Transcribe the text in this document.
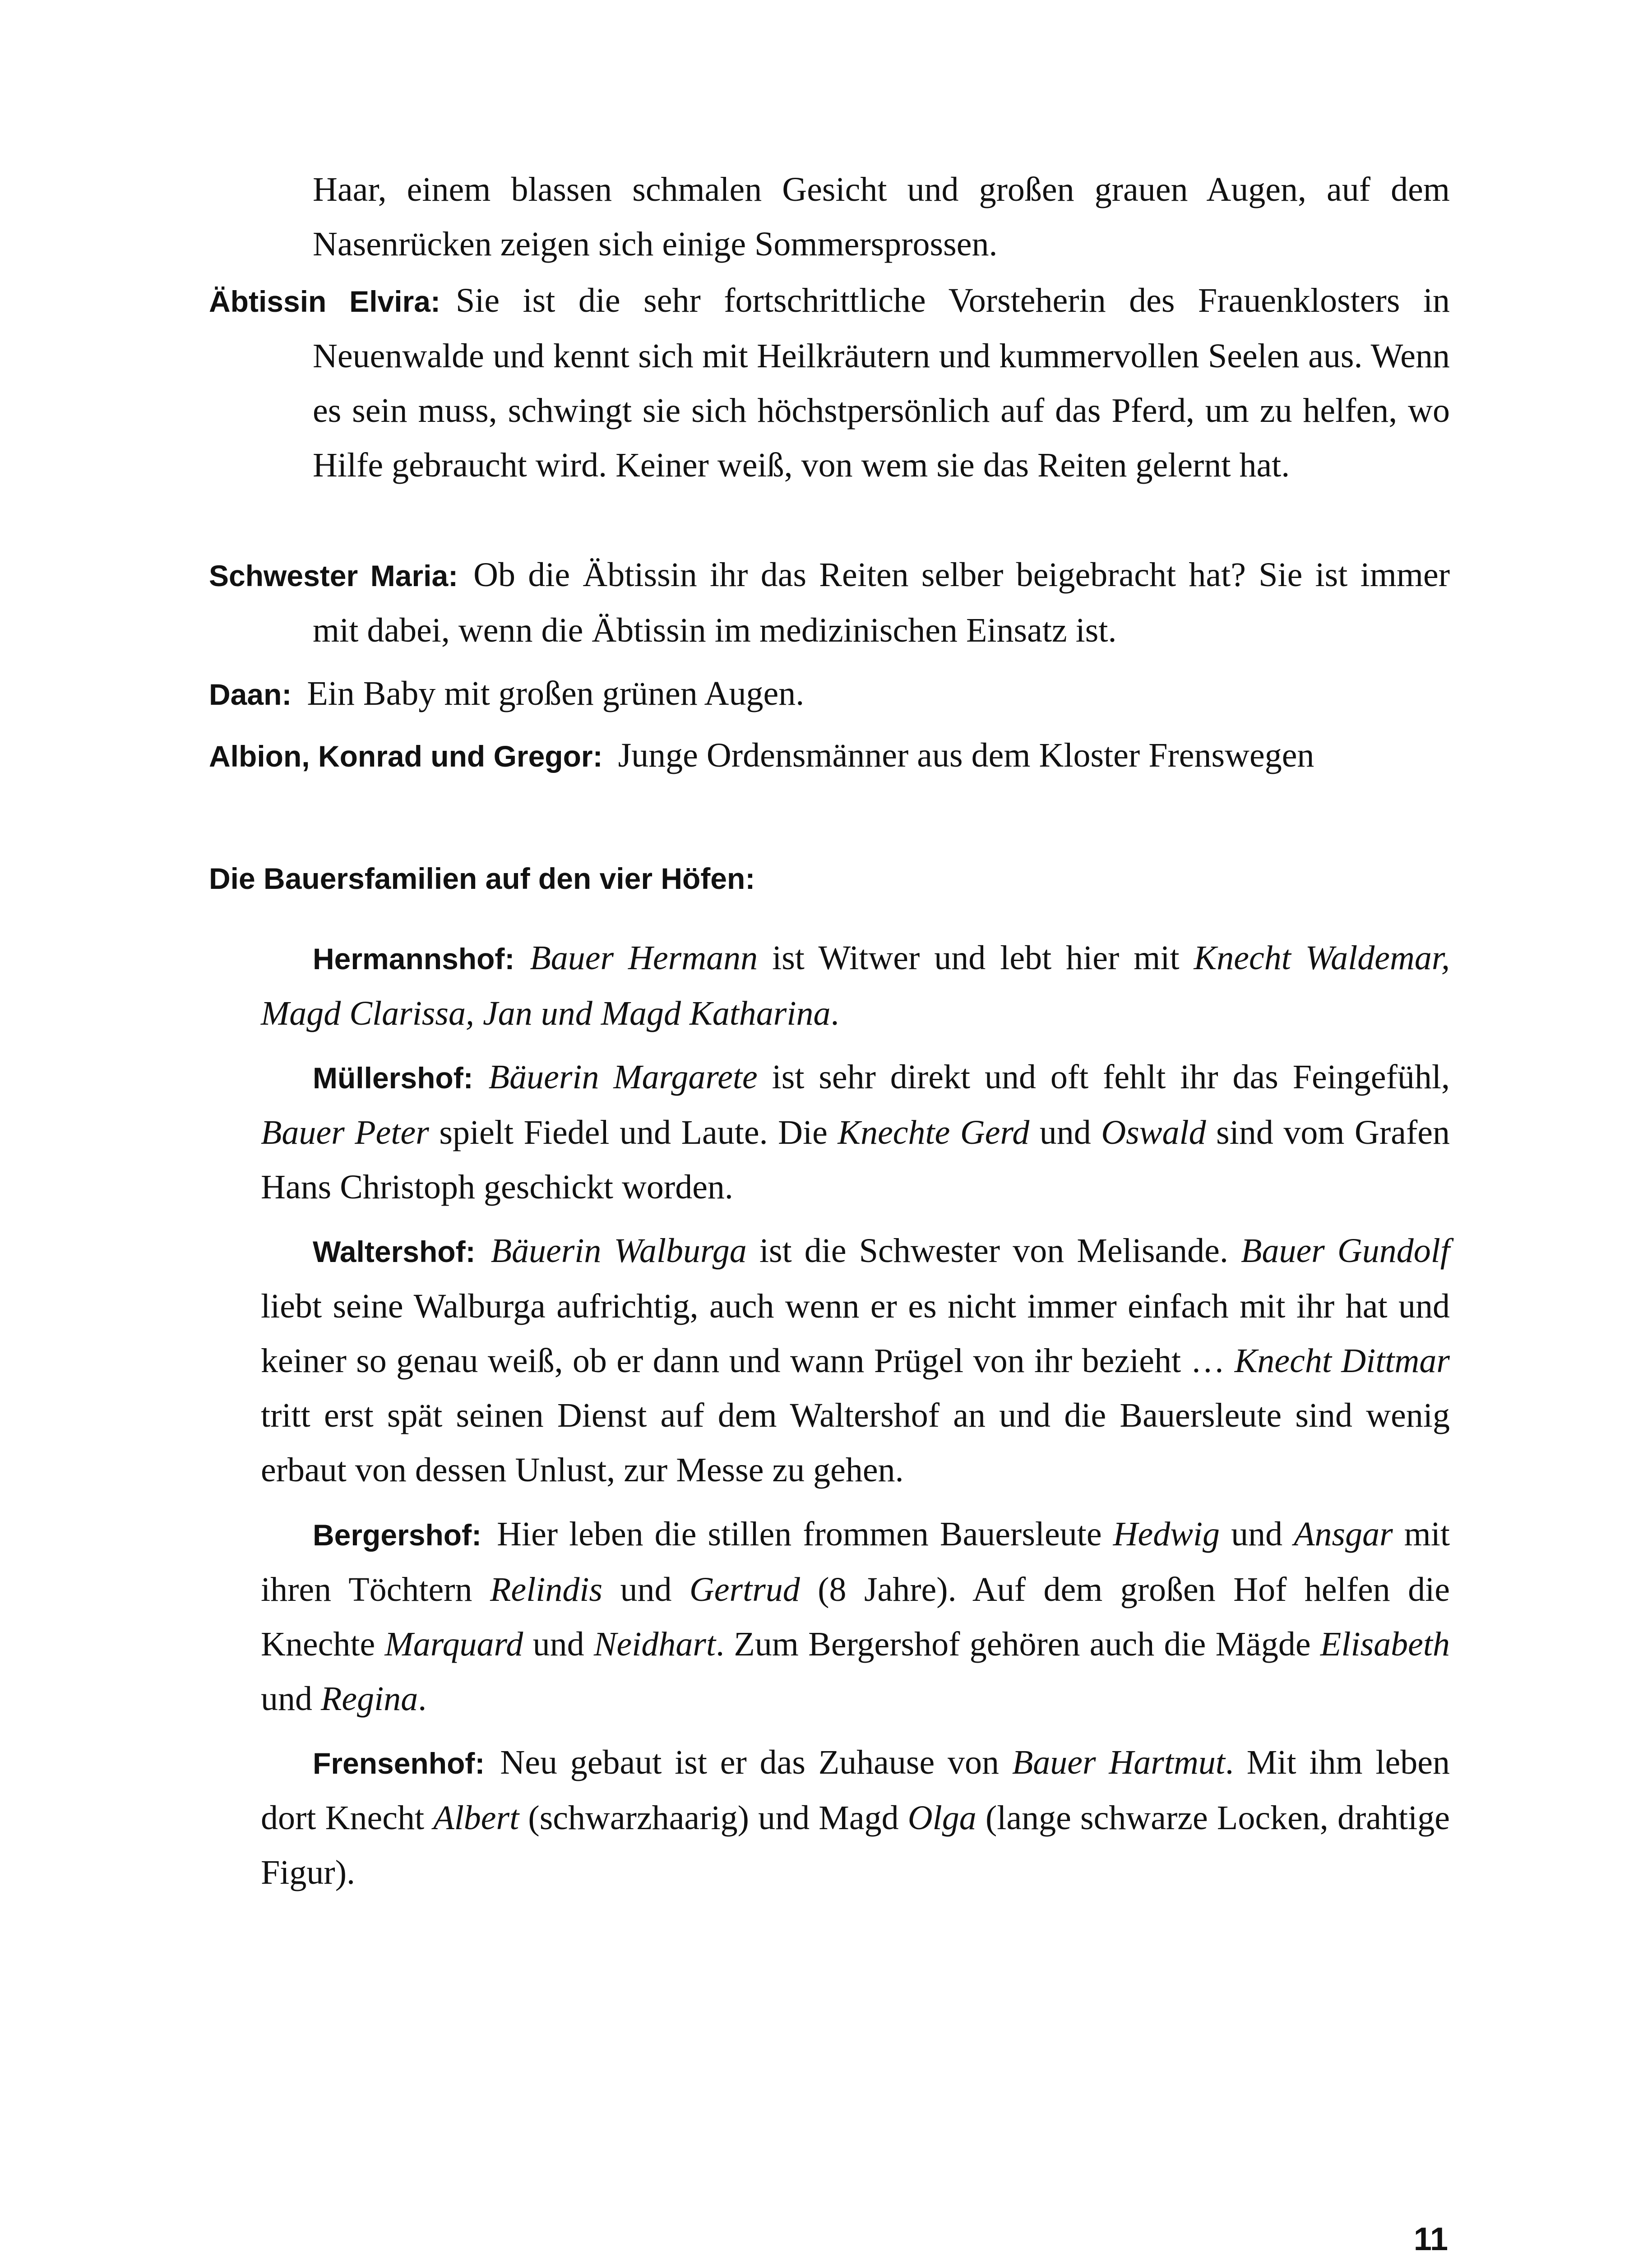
Haar, einem blassen schmalen Gesicht und großen grauen Augen, auf dem Nasenrücken zeigen sich einige Sommersprossen.

Äbtissin Elvira: Sie ist die sehr fortschrittliche Vorsteherin des Frauenklosters in Neuenwalde und kennt sich mit Heilkräutern und kummervollen Seelen aus. Wenn es sein muss, schwingt sie sich höchstpersönlich auf das Pferd, um zu helfen, wo Hilfe gebraucht wird. Keiner weiß, von wem sie das Reiten gelernt hat.

Schwester Maria: Ob die Äbtissin ihr das Reiten selber beigebracht hat? Sie ist immer mit dabei, wenn die Äbtissin im medizinischen Einsatz ist.

Daan: Ein Baby mit großen grünen Augen.

Albion, Konrad und Gregor: Junge Ordensmänner aus dem Kloster Frenswegen

Die Bauersfamilien auf den vier Höfen:

Hermannshof: Bauer Hermann ist Witwer und lebt hier mit Knecht Waldemar, Magd Clarissa, Jan und Magd Katharina.

Müllershof: Bäuerin Margarete ist sehr direkt und oft fehlt ihr das Feingefühl, Bauer Peter spielt Fiedel und Laute. Die Knechte Gerd und Oswald sind vom Grafen Hans Christoph geschickt worden.

Waltershof: Bäuerin Walburga ist die Schwester von Melisande. Bauer Gundolf liebt seine Walburga aufrichtig, auch wenn er es nicht immer einfach mit ihr hat und keiner so genau weiß, ob er dann und wann Prügel von ihr bezieht … Knecht Dittmar tritt erst spät seinen Dienst auf dem Waltershof an und die Bauersleute sind wenig erbaut von dessen Unlust, zur Messe zu gehen.

Bergershof: Hier leben die stillen frommen Bauersleute Hedwig und Ansgar mit ihren Töchtern Relindis und Gertrud (8 Jahre). Auf dem großen Hof helfen die Knechte Marquard und Neidhart. Zum Bergershof gehören auch die Mägde Elisabeth und Regina.

Frensenhof: Neu gebaut ist er das Zuhause von Bauer Hartmut. Mit ihm leben dort Knecht Albert (schwarzhaarig) und Magd Olga (lange schwarze Locken, drahtige Figur).

11
